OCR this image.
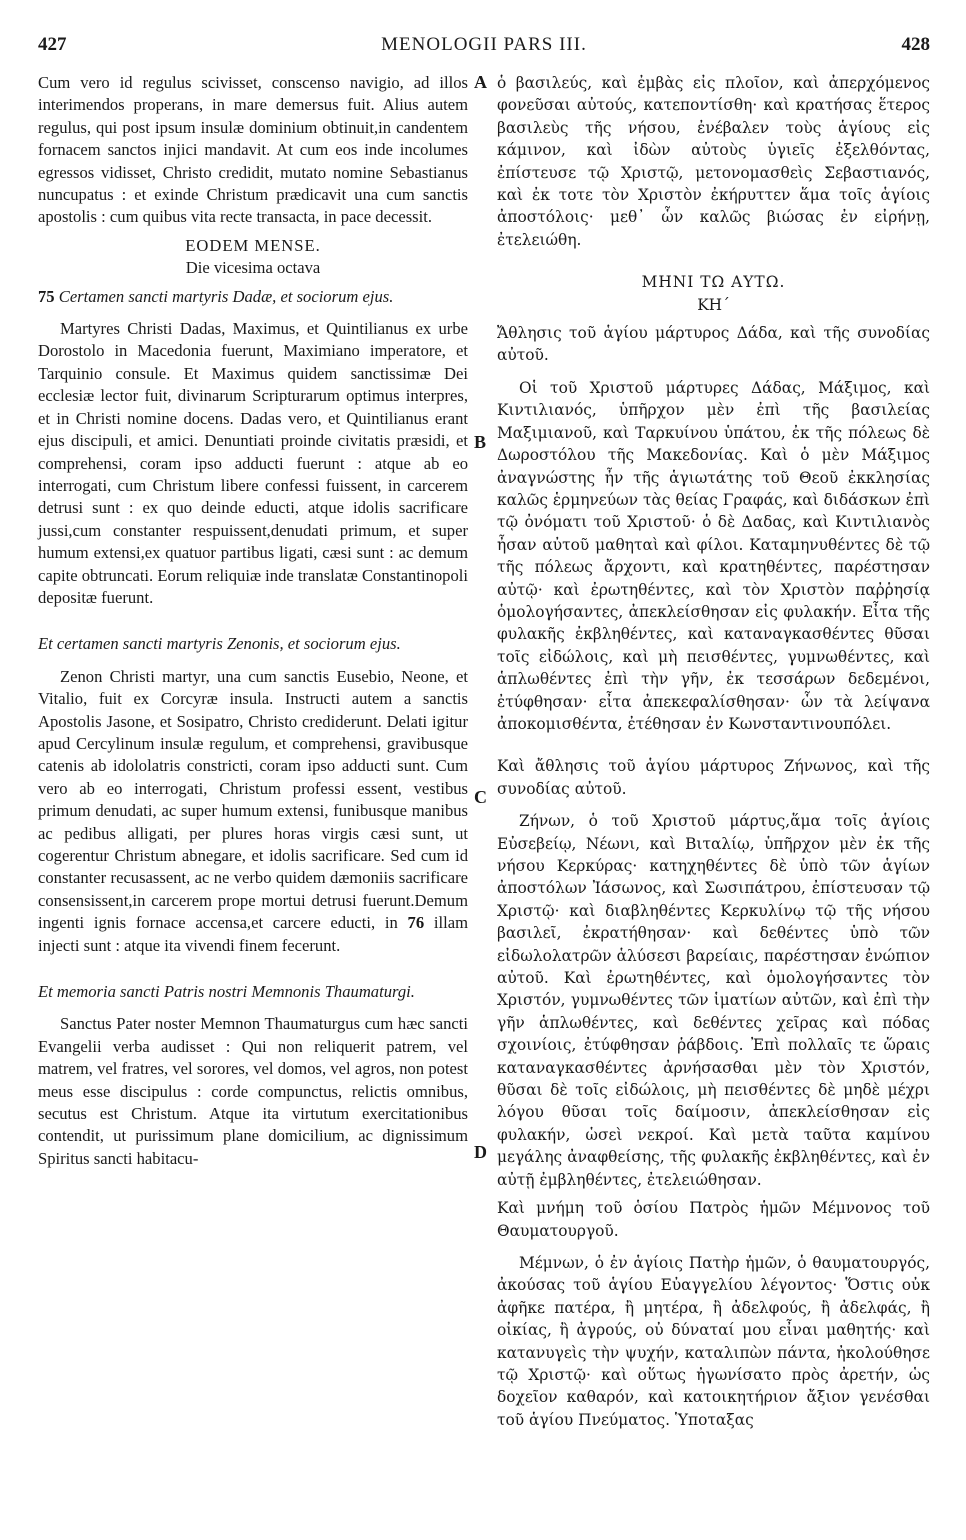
427	MENOLOGII PARS III.	428
A
B
C
D

Cum vero id regulus scivisset, conscenso navigio, ad illos interimendos properans, in mare demersus fuit. Alius autem regulus, qui post ipsum insulæ dominium obtinuit,in candentem fornacem sanctos injici mandavit. At cum eos inde incolumes egressos vidisset, Christo credidit, mutato nomine Sebastianus nuncupatus : et exinde Christum prædicavit una cum sanctis apostolis : cum quibus vita recte transacta, in pace decessit.

EODEM MENSE.

Die vicesima octava

75 Certamen sancti martyris Dadæ, et sociorum ejus.

Martyres Christi Dadas, Maximus, et Quintilianus ex urbe Dorostolo in Macedonia fuerunt, Maximiano imperatore, et Tarquinio consule. Et Maximus quidem sanctissimæ Dei ecclesiæ lector fuit, divinarum Scripturarum optimus interpres, et in Christi nomine docens. Dadas vero, et Quintilianus erant ejus discipuli, et amici. Denuntiati proinde civitatis præsidi, et comprehensi, coram ipso adducti fuerunt : atque ab eo interrogati, cum Christum libere confessi fuissent, in carcerem detrusi sunt : ex quo deinde educti, atque idolis sacrificare jussi,cum constanter respuissent,denudati primum, et super humum extensi,ex quatuor partibus ligati, cæsi sunt : ac demum capite obtruncati. Eorum reliquiæ inde translatæ Constantinopoli depositæ fuerunt.

Et certamen sancti martyris Zenonis, et sociorum ejus.

Zenon Christi martyr, una cum sanctis Eusebio, Neone, et Vitalio, fuit ex Corcyræ insula. Instructi autem a sanctis Apostolis Jasone, et Sosipatro, Christo crediderunt. Delati igitur apud Cercylinum insulæ regulum, et comprehensi, gravibusque catenis ab idololatris constricti, coram ipso adducti sunt. Cum vero ab eo interrogati, Christum professi essent, vestibus primum denudati, ac super humum extensi, funibusque manibus ac pedibus alligati, per plures horas virgis cæsi sunt, ut cogerentur Christum abnegare, et idolis sacrificare. Sed cum id constanter recusassent, ac ne verbo quidem dæmoniis sacrificare consensissent,in carcerem prope mortui detrusi fuerunt.Demum ingenti ignis fornace accensa,et carcere educti, in 76 illam injecti sunt : atque ita vivendi finem fecerunt.

Et memoria sancti Patris nostri Memnonis Thaumaturgi.

Sanctus Pater noster Memnon Thaumaturgus cum hæc sancti Evangelii verba audisset : Qui non reliquerit patrem, vel matrem, vel fratres, vel sorores, vel domos, vel agros, non potest meus esse discipulus : corde compunctus, relictis omnibus, secutus est Christum. Atque ita virtutum exercitationibus contendit, ut purissimum plane domicilium, ac dignissimum Spiritus sancti habitacu-

ὁ βασιλεύς, καὶ ἐμβὰς εἰς πλοῖον, καὶ ἀπερχόμενος φονεῦσαι αὐτούς, κατεποντίσθη· καὶ κρατήσας ἕτερος βασιλεὺς τῆς νήσου, ἐνέβαλεν τοὺς ἁγίους εἰς κάμινον, καὶ ἰδὼν αὐτοὺς ὑγιεῖς ἐξελθόντας, ἐπίστευσε τῷ Χριστῷ, μετονομασθεὶς Σεβαστιανός, καὶ ἐκ τοτε τὸν Χριστὸν ἐκήρυττεν ἅμα τοῖς ἁγίοις ἀποστόλοις· μεθ᾽ ὧν καλῶς βιώσας ἐν εἰρήνῃ, ἐτελειώθη.

ΜΗΝΙ ΤΩ ΑΥΤΩ.

ΚΗ΄

Ἄθλησις τοῦ ἁγίου μάρτυρος Δάδα, καὶ τῆς συνοδίας αὐτοῦ.

Οἱ τοῦ Χριστοῦ μάρτυρες Δάδας, Μάξιμος, καὶ Κιντιλιανός, ὑπῆρχον μὲν ἐπὶ τῆς βασιλείας Μαξιμιανοῦ, καὶ Ταρκυίνου ὑπάτου, ἐκ τῆς πόλεως δὲ Δωροστόλου τῆς Μακεδονίας. Καὶ ὁ μὲν Μάξιμος ἀναγνώστης ἦν τῆς ἁγιωτάτης τοῦ Θεοῦ ἐκκλησίας καλῶς ἑρμηνεύων τὰς θείας Γραφάς, καὶ διδάσκων ἐπὶ τῷ ὀνόματι τοῦ Χριστοῦ· ὁ δὲ Δαδας, καὶ Κιντιλιανὸς ἦσαν αὐτοῦ μαθηταὶ καὶ φίλοι. Καταμηνυθέντες δὲ τῷ τῆς πόλεως ἄρχοντι, καὶ κρατηθέντες, παρέστησαν αὐτῷ· καὶ ἐρωτηθέντες, καὶ τὸν Χριστὸν παῤῥησίᾳ ὁμολογήσαντες, ἀπεκλείσθησαν εἰς φυλακήν. Εἶτα τῆς φυλακῆς ἐκβληθέντες, καὶ καταναγκασθέντες θῦσαι τοῖς εἰδώλοις, καὶ μὴ πεισθέντες, γυμνωθέντες, καὶ ἁπλωθέντες ἐπὶ τὴν γῆν, ἐκ τεσσάρων δεδεμένοι, ἐτύφθησαν· εἶτα ἀπεκεφαλίσθησαν· ὧν τὰ λείψανα ἀποκομισθέντα, ἐτέθησαν ἐν Κωνσταντινουπόλει.

Καὶ ἄθλησις τοῦ ἁγίου μάρτυρος Ζήνωνος, καὶ τῆς συνοδίας αὐτοῦ.

Ζήνων, ὁ τοῦ Χριστοῦ μάρτυς,ἅμα τοῖς ἁγίοις Εὐσεβείῳ, Νέωνι, καὶ Βιταλίῳ, ὑπῆρχον μὲν ἐκ τῆς νήσου Κερκύρας· κατηχηθέντες δὲ ὑπὸ τῶν ἁγίων ἀποστόλων Ἰάσωνος, καὶ Σωσιπάτρου, ἐπίστευσαν τῷ Χριστῷ· καὶ διαβληθέντες Κερκυλίνῳ τῷ τῆς νήσου βασιλεῖ, ἐκρατήθησαν· καὶ δεθέντες ὑπὸ τῶν εἰδωλολατρῶν ἁλύσεσι βαρείαις, παρέστησαν ἐνώπιον αὐτοῦ. Καὶ ἐρωτηθέντες, καὶ ὁμολογήσαντες τὸν Χριστόν, γυμνωθέντες τῶν ἱματίων αὐτῶν, καὶ ἐπὶ τὴν γῆν ἁπλωθέντες, καὶ δεθέντες χεῖρας καὶ πόδας σχοινίοις, ἐτύφθησαν ῥάβδοις. Ἐπὶ πολλαῖς τε ὥραις καταναγκασθέντες ἀρνήσασθαι μὲν τὸν Χριστόν, θῦσαι δὲ τοῖς εἰδώλοις, μὴ πεισθέντες δὲ μηδὲ μέχρι λόγου θῦσαι τοῖς δαίμοσιν, ἀπεκλείσθησαν εἰς φυλακήν, ὡσεὶ νεκροί. Καὶ μετὰ ταῦτα καμίνου μεγάλης ἀναφθείσης, τῆς φυλακῆς ἐκβληθέντες, καὶ ἐν αὐτῇ ἐμβληθέντες, ἐτελειώθησαν.

Καὶ μνήμη τοῦ ὁσίου Πατρὸς ἡμῶν Μέμνονος τοῦ Θαυματουργοῦ.

Μέμνων, ὁ ἐν ἁγίοις Πατὴρ ἡμῶν, ὁ θαυματουργός, ἀκούσας τοῦ ἁγίου Εὐαγγελίου λέγοντος· Ὅστις οὐκ ἀφῆκε πατέρα, ἢ μητέρα, ἢ ἀδελφούς, ἢ ἀδελφάς, ἢ οἰκίας, ἢ ἀγρούς, οὐ δύναταί μου εἶναι μαθητής· καὶ κατανυγεὶς τὴν ψυχήν, καταλιπὼν πάντα, ἠκολούθησε τῷ Χριστῷ· καὶ οὕτως ἠγωνίσατο πρὸς ἀρετήν, ὡς δοχεῖον καθαρόν, καὶ κατοικητήριον ἄξιον γενέσθαι τοῦ ἁγίου Πνεύματος. Ὑποταξας
